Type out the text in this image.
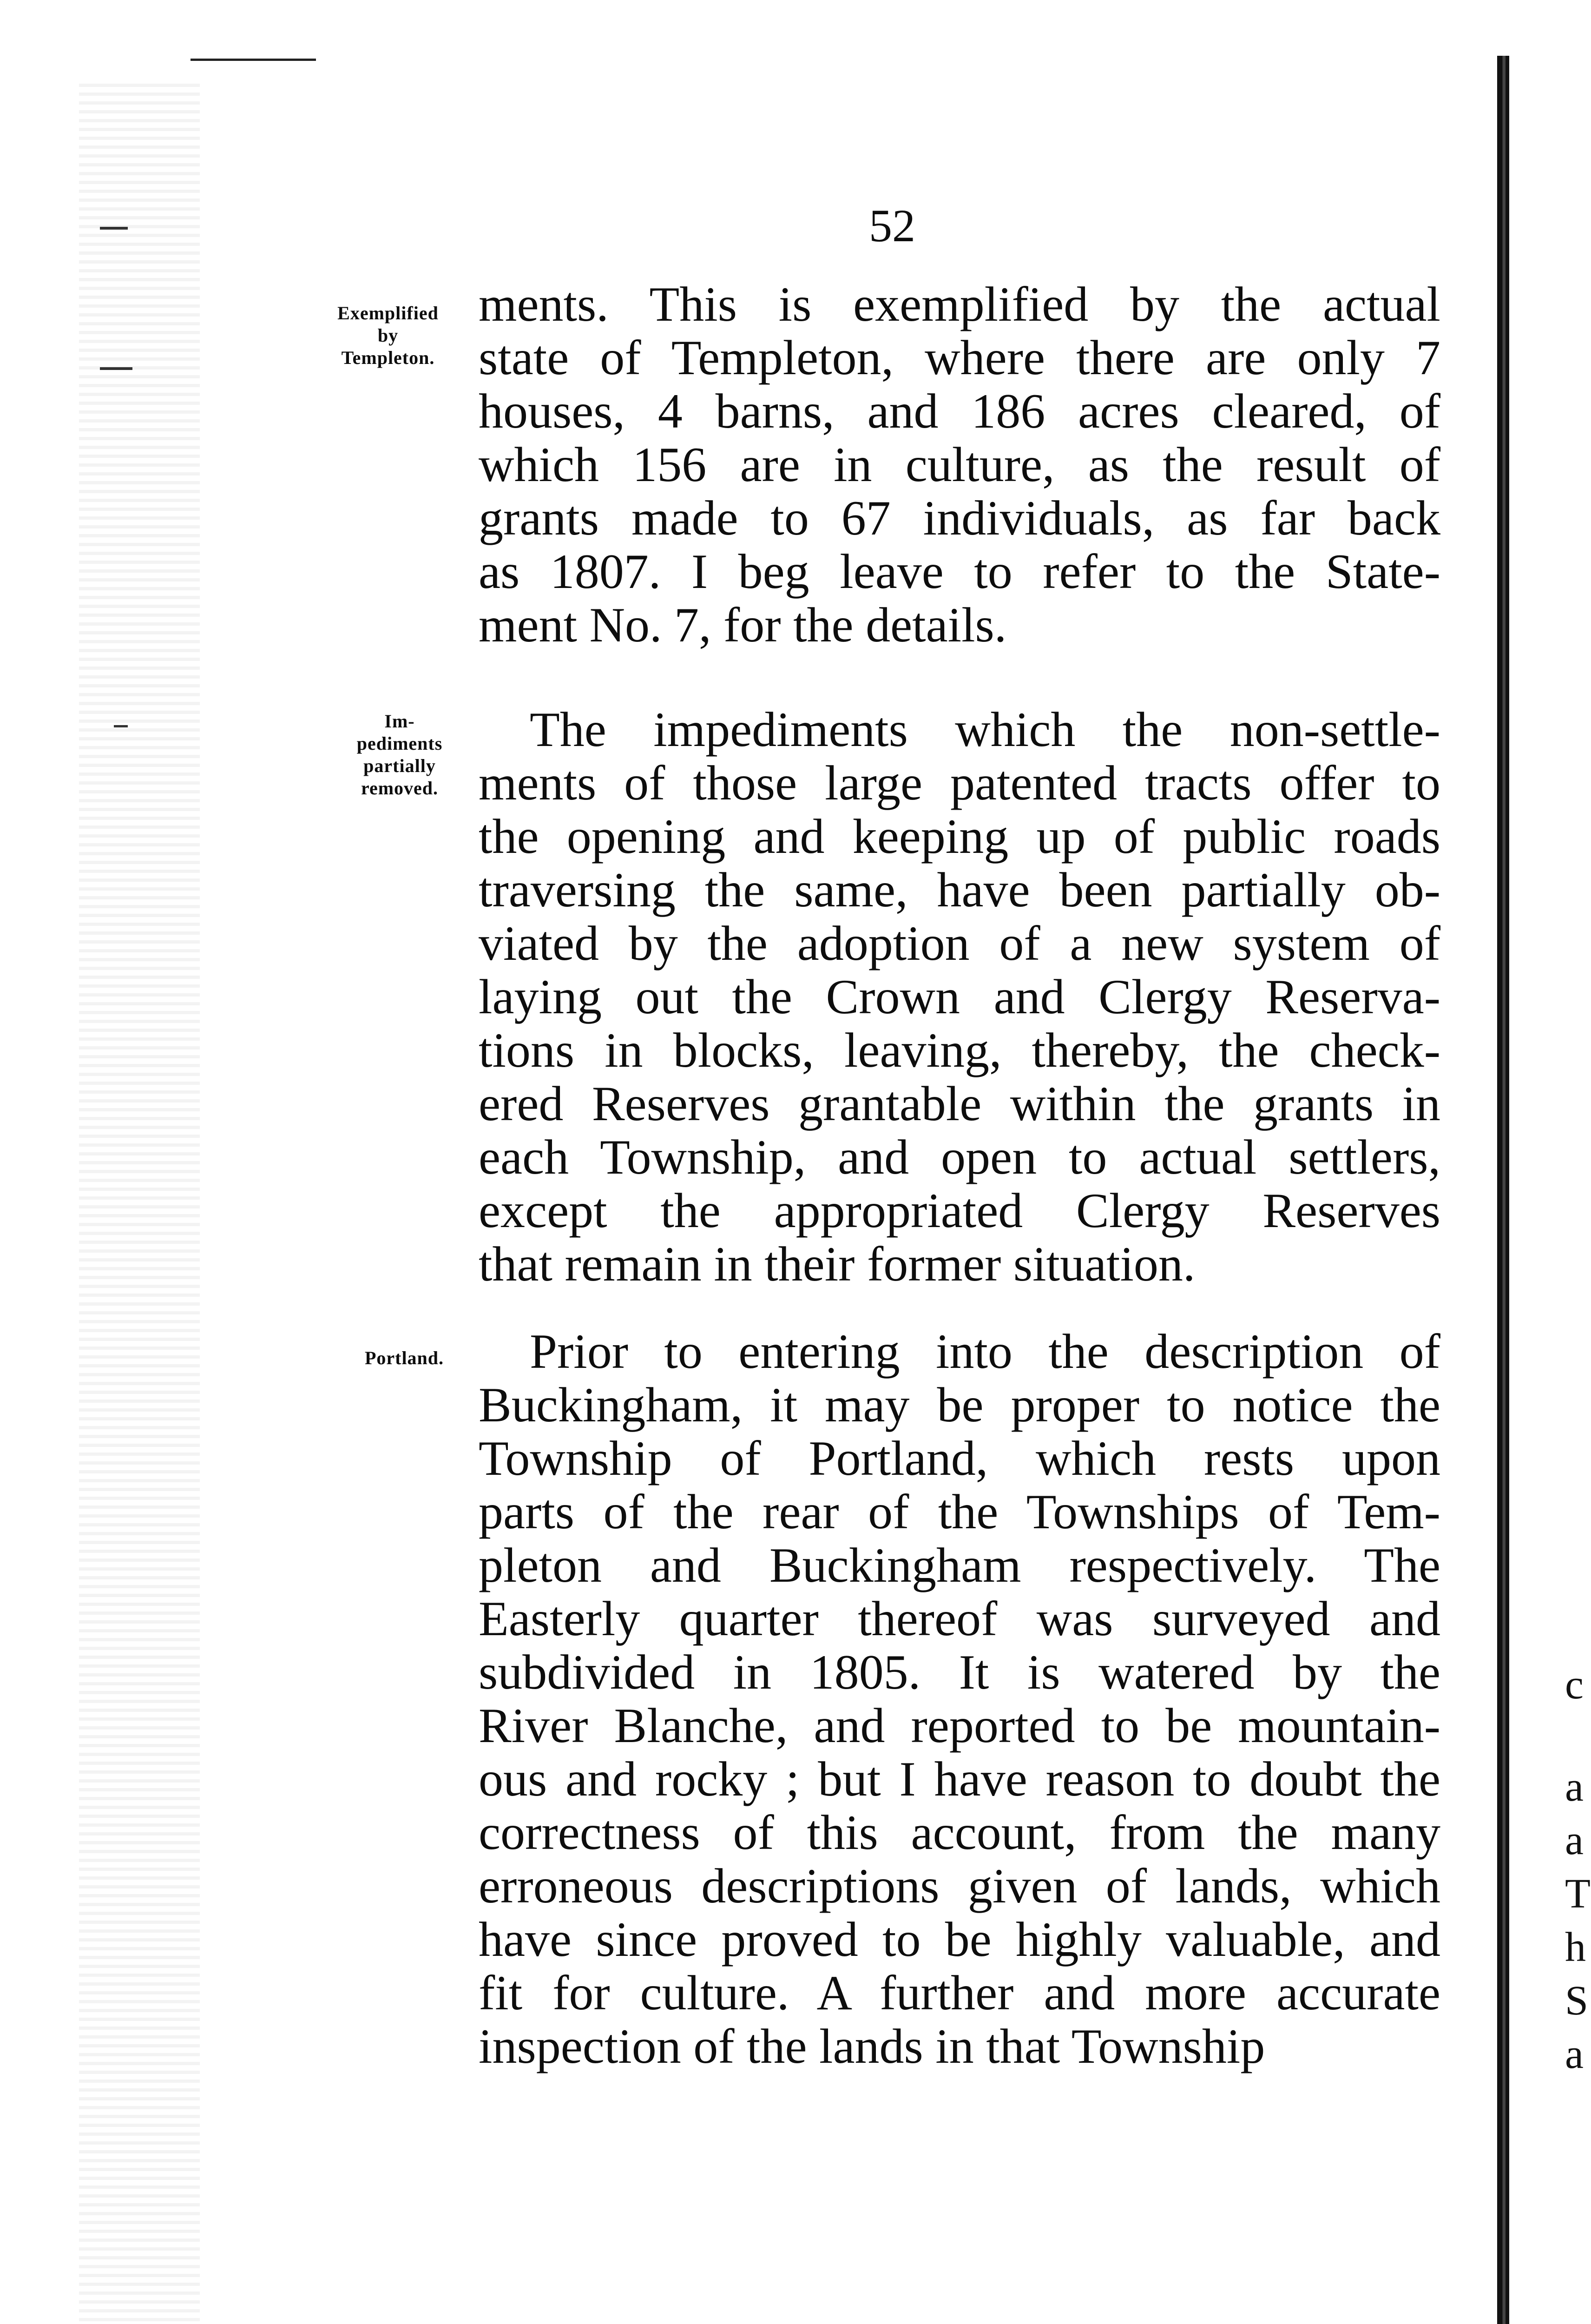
c
a
a
T
h
S
a
52
Exemplified
by
Templeton.
Im-
pediments
partially
removed.
Portland.
ments. This is exemplified by the actual
state of Templeton, where there are only 7
houses, 4 barns, and 186 acres cleared, of
which 156 are in culture, as the result of
grants made to 67 individuals, as far back
as 1807. I beg leave to refer to the State-
ment No. 7, for the details.
The impediments which the non-settle-
ments of those large patented tracts offer to
the opening and keeping up of public roads
traversing the same, have been partially ob-
viated by the adoption of a new system of
laying out the Crown and Clergy Reserva-
tions in blocks, leaving, thereby, the check-
ered Reserves grantable within the grants in
each Township, and open to actual settlers,
except the appropriated Clergy Reserves
that remain in their former situation.
Prior to entering into the description of
Buckingham, it may be proper to notice the
Township of Portland, which rests upon
parts of the rear of the Townships of Tem-
pleton and Buckingham respectively. The
Easterly quarter thereof was surveyed and
subdivided in 1805. It is watered by the
River Blanche, and reported to be mountain-
ous and rocky ; but I have reason to doubt the
correctness of this account, from the many
erroneous descriptions given of lands, which
have since proved to be highly valuable, and
fit for culture. A further and more accurate
inspection of the lands in that Township
